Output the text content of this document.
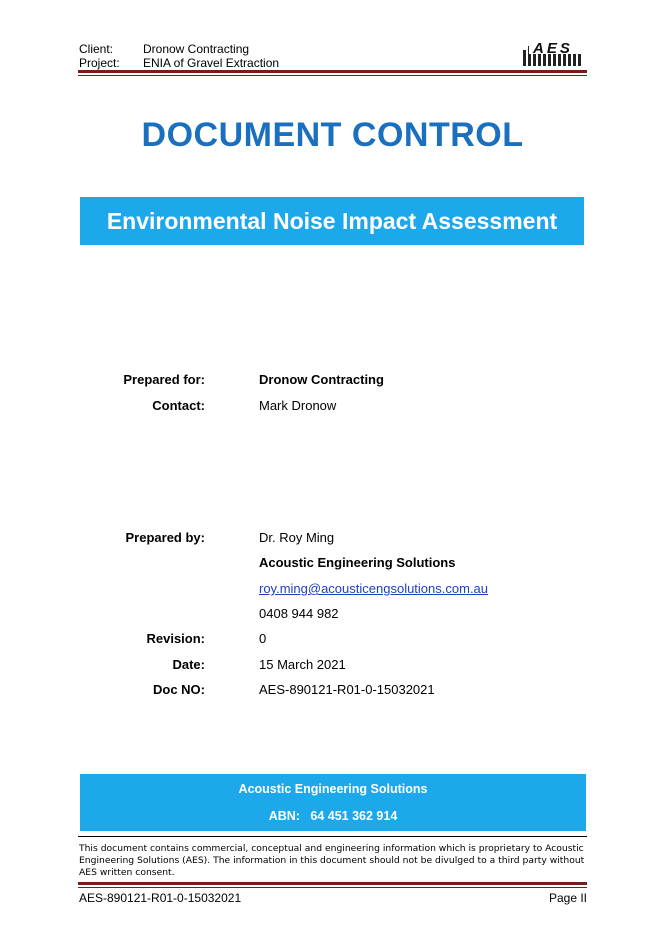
Client: Dronow Contracting
Project: ENIA of Gravel Extraction
AES
DOCUMENT CONTROL
Environmental Noise Impact Assessment
Prepared for:	Dronow Contracting
Contact:	Mark Dronow
Prepared by:	Dr. Roy Ming
Acoustic Engineering Solutions
roy.ming@acousticengsolutions.com.au
0408 944 982
Revision:	0
Date:	15 March 2021
Doc NO:	AES-890121-R01-0-15032021
Acoustic Engineering Solutions
ABN: 64 451 362 914
This document contains commercial, conceptual and engineering information which is proprietary to Acoustic Engineering Solutions (AES). The information in this document should not be divulged to a third party without AES written consent.
AES-890121-R01-0-15032021	Page II
